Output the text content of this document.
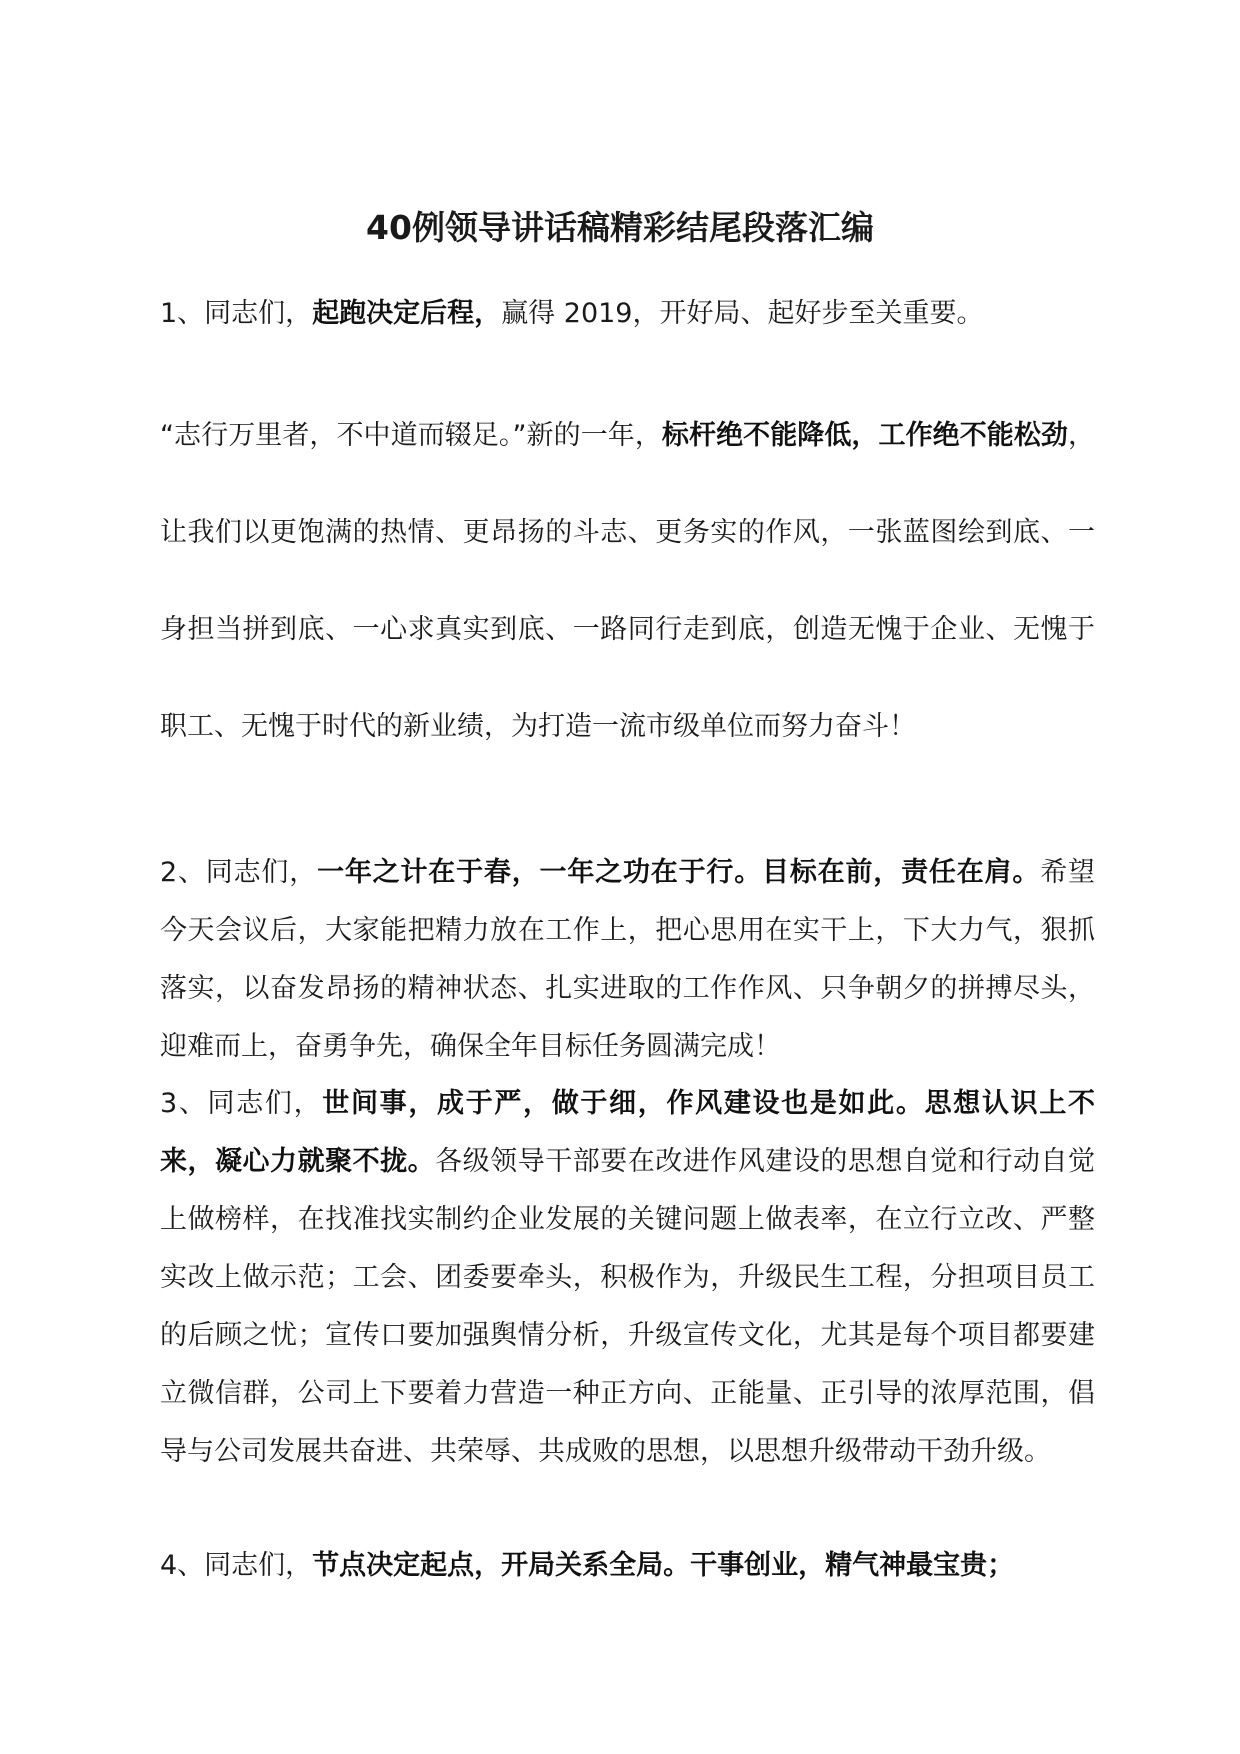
40例领导讲话稿精彩结尾段落汇编

1、同志们，起跑决定后程，赢得 2019，开好局、起好步至关重要。
“志行万里者，不中道而辍足。”新的一年，标杆绝不能降低，工作绝不能松劲，让我们以更饱满的热情、更昂扬的斗志、更务实的作风，一张蓝图绘到底、一身担当拼到底、一心求真实到底、一路同行走到底，创造无愧于企业、无愧于职工、无愧于时代的新业绩，为打造一流市级单位而努力奋斗！

2、同志们，一年之计在于春，一年之功在于行。目标在前，责任在肩。希望今天会议后，大家能把精力放在工作上，把心思用在实干上，下大力气，狠抓落实，以奋发昂扬的精神状态、扎实进取的工作作风、只争朝夕的拼搏尽头，迎难而上，奋勇争先，确保全年目标任务圆满完成！

3、同志们，世间事，成于严，做于细，作风建设也是如此。思想认识上不来，凝心力就聚不拢。各级领导干部要在改进作风建设的思想自觉和行动自觉上做榜样，在找准找实制约企业发展的关键问题上做表率，在立行立改、严整实改上做示范；工会、团委要牵头，积极作为，升级民生工程，分担项目员工的后顾之忧；宣传口要加强舆情分析，升级宣传文化，尤其是每个项目都要建立微信群，公司上下要着力营造一种正方向、正能量、正引导的浓厚范围，倡导与公司发展共奋进、共荣辱、共成败的思想，以思想升级带动干劲升级。

4、同志们，节点决定起点，开局关系全局。干事创业，精气神最宝贵；
